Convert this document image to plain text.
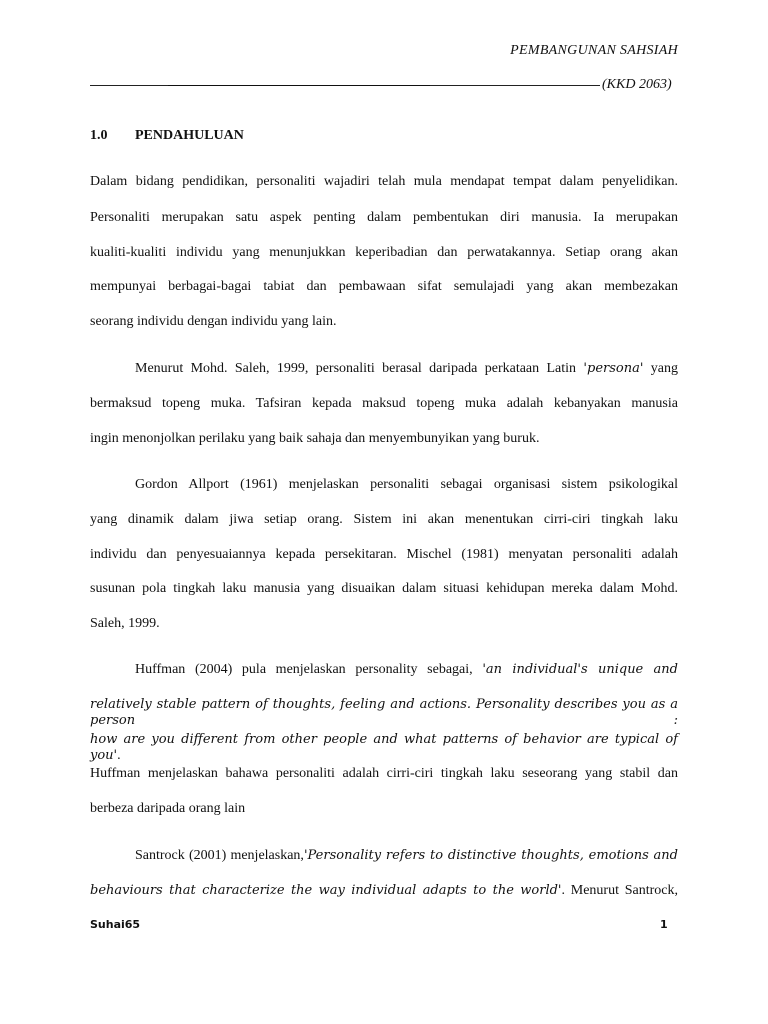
PEMBANGUNAN SAHSIAH
(KKD 2063)
1.0 PENDAHULUAN
Dalam bidang pendidikan, personaliti wajadiri telah mula mendapat tempat dalam penyelidikan.
Personaliti merupakan satu aspek penting dalam pembentukan diri manusia. Ia merupakan
kualiti-kualiti individu yang menunjukkan keperibadian dan perwatakannya. Setiap orang akan
mempunyai berbagai-bagai tabiat dan pembawaan sifat semulajadi yang akan membezakan
seorang individu dengan individu yang lain.
Menurut Mohd. Saleh, 1999, personaliti berasal daripada perkataan Latin 'persona' yang
bermaksud topeng muka. Tafsiran kepada maksud topeng muka adalah kebanyakan manusia
ingin menonjolkan perilaku yang baik sahaja dan menyembunyikan yang buruk.
Gordon Allport (1961) menjelaskan personaliti sebagai organisasi sistem psikologikal
yang dinamik dalam jiwa setiap orang. Sistem ini akan menentukan cirri-ciri tingkah laku
individu dan penyesuaiannya kepada persekitaran. Mischel (1981) menyatan personaliti adalah
susunan pola tingkah laku manusia yang disuaikan dalam situasi kehidupan mereka dalam Mohd.
Saleh, 1999.
Huffman (2004) pula menjelaskan personality sebagai, 'an individual's unique and
relatively stable pattern of thoughts, feeling and actions. Personality describes you as a person :
how are you different from other people and what patterns of behavior are typical of you'.
Huffman menjelaskan bahawa personaliti adalah cirri-ciri tingkah laku seseorang yang stabil dan
berbeza daripada orang lain
Santrock (2001) menjelaskan,'Personality refers to distinctive thoughts, emotions and
behaviours that characterize the way individual adapts to the world'. Menurut Santrock,
Suhai65	1
